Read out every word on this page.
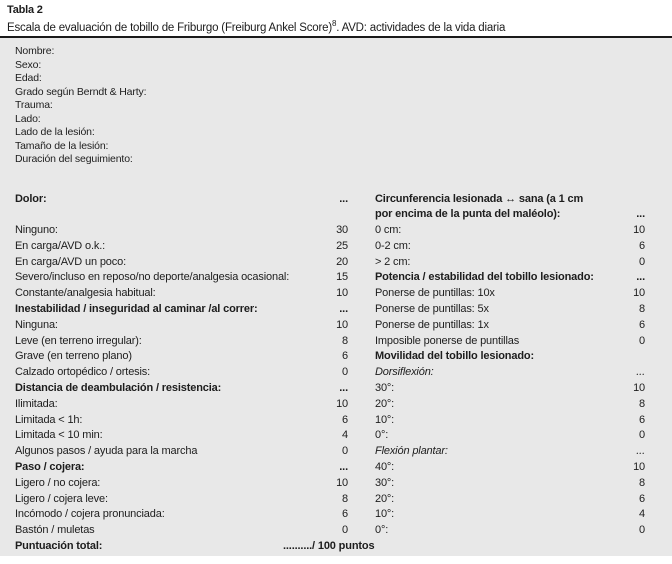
Tabla 2
Escala de evaluación de tobillo de Friburgo (Freiburg Ankel Score)$^8$. AVD: actividades de la vida diaria
Nombre:
Sexo:
Edad:
Grado según Berndt & Harty:
Trauma:
Lado:
Lado de la lesión:
Tamaño de la lesión:
Duración del seguimiento:
Dolor:	...	Circunferencia lesionada ↔ sana (a 1 cm
por encima de la punta del maléolo):	...
Ninguno:	30	0 cm:	10
En carga/AVD o.k.:	25	0-2 cm:	6
En carga/AVD un poco:	20	> 2 cm:	0
Severo/incluso en reposo/no deporte/analgesia ocasional:	15	Potencia / estabilidad del tobillo lesionado:	...
Constante/analgesia habitual:	10	Ponerse de puntillas: 10x	10
Inestabilidad / inseguridad al caminar /al correr:	...	Ponerse de puntillas: 5x	8
Ninguna:	10	Ponerse de puntillas: 1x	6
Leve (en terreno irregular):	8	Imposible ponerse de puntillas	0
Grave (en terreno plano)	6	Movilidad del tobillo lesionado:
Calzado ortopédico / ortesis:	0	Dorsiflexión:	...
Distancia de deambulación / resistencia:	...	30°:	10
Ilimitada:	10	20°:	8
Limitada < 1h:	6	10°:	6
Limitada < 10 min:	4	0°:	0
Algunos pasos / ayuda para la marcha	0	Flexión plantar:	...
Paso / cojera:	...	40°:	10
Ligero / no cojera:	10	30°:	8
Ligero / cojera leve:	8	20°:	6
Incómodo / cojera pronunciada:	6	10°:	4
Bastón / muletas	0	0°:	0
Puntuación total:	........../ 100 puntos
